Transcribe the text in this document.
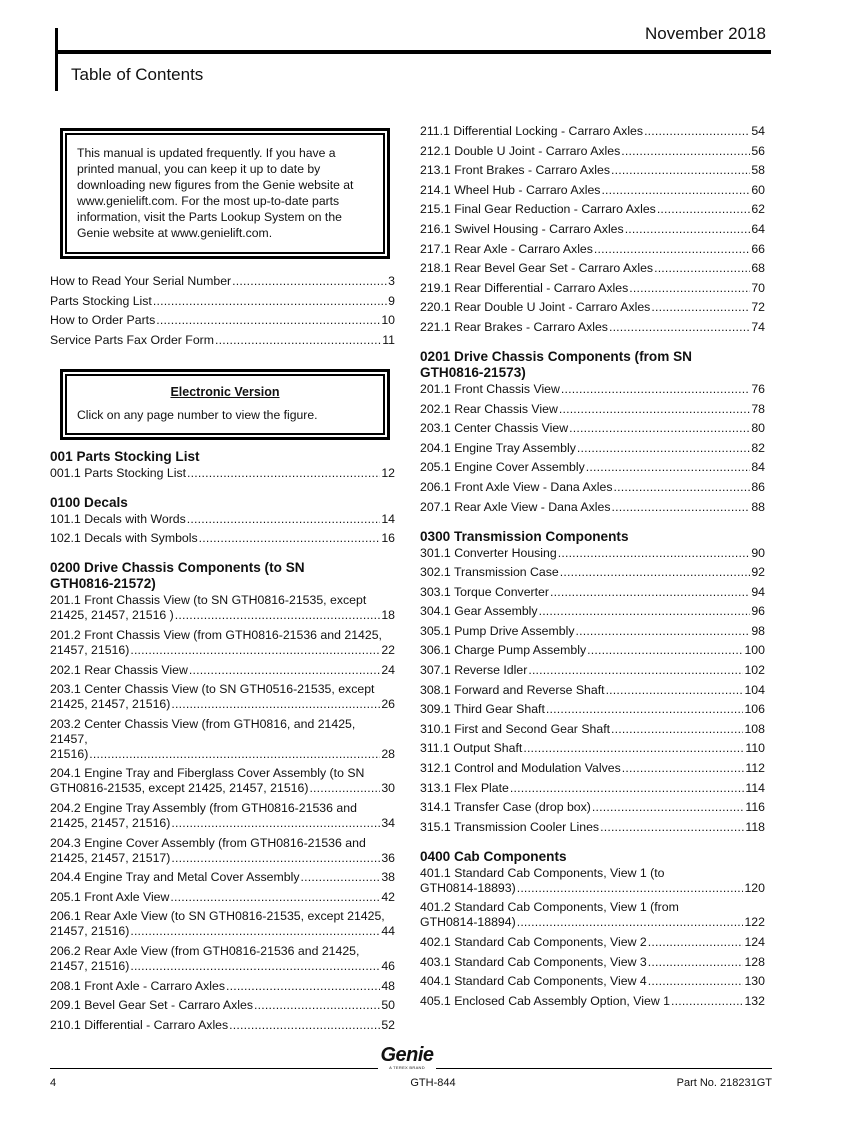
November 2018
Table of Contents
This manual is updated frequently. If you have a
printed manual, you can keep it up to date by
downloading new figures from the Genie website at
www.genielift.com. For the most up-to-date parts
information, visit the Parts Lookup System on the
Genie website at www.genielift.com.
How to Read Your Serial Number .....	3
Parts Stocking List .....	9
How to Order Parts .....	10
Service Parts Fax Order Form .....	11
Electronic Version
Click on any page number to view the figure.
001 Parts Stocking List
001.1 Parts Stocking List .....	12
0100 Decals
101.1 Decals with Words .....	14
102.1 Decals with Symbols .....	16
0200 Drive Chassis Components (to SN
GTH0816-21572)
201.1 Front Chassis View (to SN GTH0816-21535, except
21425, 21457, 21516 ) .....	18
201.2 Front Chassis View (from GTH0816-21536 and 21425,
21457, 21516) .....	22
202.1 Rear Chassis View .....	24
203.1 Center Chassis View (to SN GTH0516-21535, except
21425, 21457, 21516) .....	26
203.2 Center Chassis View (from GTH0816, and 21425, 21457,
21516) .....	28
204.1 Engine Tray and Fiberglass Cover Assembly (to SN
GTH0816-21535, except 21425, 21457, 21516) .....	30
204.2 Engine Tray Assembly (from GTH0816-21536 and
21425, 21457, 21516) .....	34
204.3 Engine Cover Assembly (from GTH0816-21536 and
21425, 21457, 21517) .....	36
204.4 Engine Tray and Metal Cover Assembly .....	38
205.1 Front Axle View .....	42
206.1 Rear Axle View (to SN GTH0816-21535, except 21425,
21457, 21516) .....	44
206.2 Rear Axle View (from GTH0816-21536 and 21425,
21457, 21516) .....	46
208.1 Front Axle - Carraro Axles .....	48
209.1 Bevel Gear Set - Carraro Axles .....	50
210.1 Differential - Carraro Axles .....	52
211.1 Differential Locking - Carraro Axles .....	54
212.1 Double U Joint - Carraro Axles .....	56
213.1 Front Brakes - Carraro Axles .....	58
214.1 Wheel Hub - Carraro Axles .....	60
215.1 Final Gear Reduction - Carraro Axles .....	62
216.1 Swivel Housing - Carraro Axles .....	64
217.1 Rear Axle - Carraro Axles .....	66
218.1 Rear Bevel Gear Set - Carraro Axles .....	68
219.1 Rear Differential - Carraro Axles .....	70
220.1 Rear Double U Joint - Carraro Axles .....	72
221.1 Rear Brakes - Carraro Axles .....	74
0201 Drive Chassis Components (from SN
GTH0816-21573)
201.1 Front Chassis View .....	76
202.1 Rear Chassis View .....	78
203.1 Center Chassis View .....	80
204.1 Engine Tray Assembly .....	82
205.1 Engine Cover Assembly .....	84
206.1 Front Axle View - Dana Axles .....	86
207.1 Rear Axle View - Dana Axles .....	88
0300 Transmission Components
301.1 Converter Housing .....	90
302.1 Transmission Case .....	92
303.1 Torque Converter .....	94
304.1 Gear Assembly .....	96
305.1 Pump Drive Assembly .....	98
306.1 Charge Pump Assembly .....	100
307.1 Reverse Idler .....	102
308.1 Forward and Reverse Shaft .....	104
309.1 Third Gear Shaft .....	106
310.1 First and Second Gear Shaft .....	108
311.1 Output Shaft .....	110
312.1 Control and Modulation Valves .....	112
313.1 Flex Plate .....	114
314.1 Transfer Case (drop box) .....	116
315.1 Transmission Cooler Lines .....	118
0400 Cab Components
401.1 Standard Cab Components, View 1 (to
GTH0814-18893) .....	120
401.2 Standard Cab Components, View 1 (from
GTH0814-18894) .....	122
402.1 Standard Cab Components, View 2 .....	124
403.1 Standard Cab Components, View 3 .....	128
404.1 Standard Cab Components, View 4 .....	130
405.1 Enclosed Cab Assembly Option, View 1 .....	132
Genie
A TEREX BRAND
4	GTH-844	Part No. 218231GT
